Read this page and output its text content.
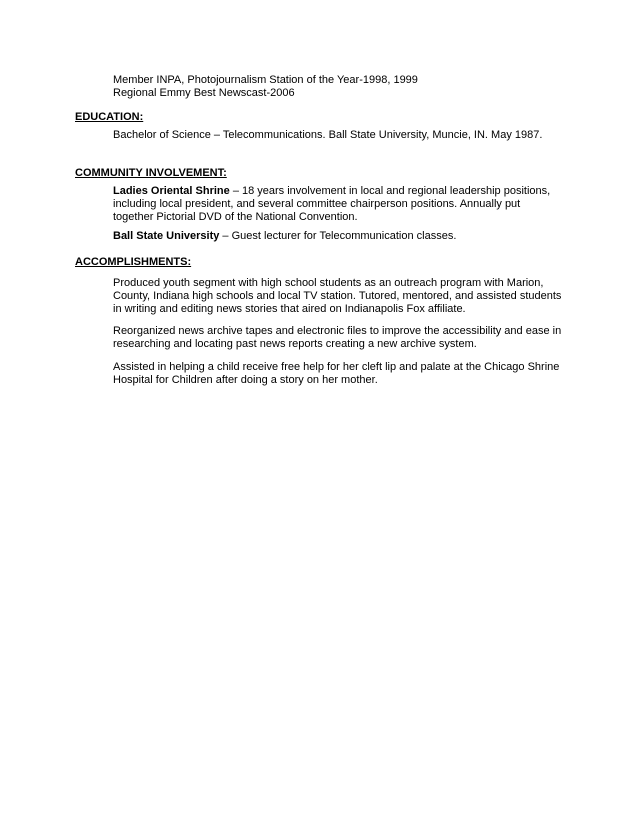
Member INPA, Photojournalism Station of the Year-1998, 1999

Regional Emmy Best Newscast-2006

EDUCATION:

Bachelor of Science – Telecommunications. Ball State University, Muncie, IN. May 1987.

COMMUNITY INVOLVEMENT:

Ladies Oriental Shrine – 18 years involvement in local and regional leadership positions, including local president, and several committee chairperson positions. Annually put together Pictorial DVD of the National Convention.

Ball State University – Guest lecturer for Telecommunication classes.

ACCOMPLISHMENTS:

Produced youth segment with high school students as an outreach program with Marion, County, Indiana high schools and local TV station. Tutored, mentored, and assisted students in writing and editing news stories that aired on Indianapolis Fox affiliate.

Reorganized news archive tapes and electronic files to improve the accessibility and ease in researching and locating past news reports creating a new archive system.

Assisted in helping a child receive free help for her cleft lip and palate at the Chicago Shrine Hospital for Children after doing a story on her mother.
